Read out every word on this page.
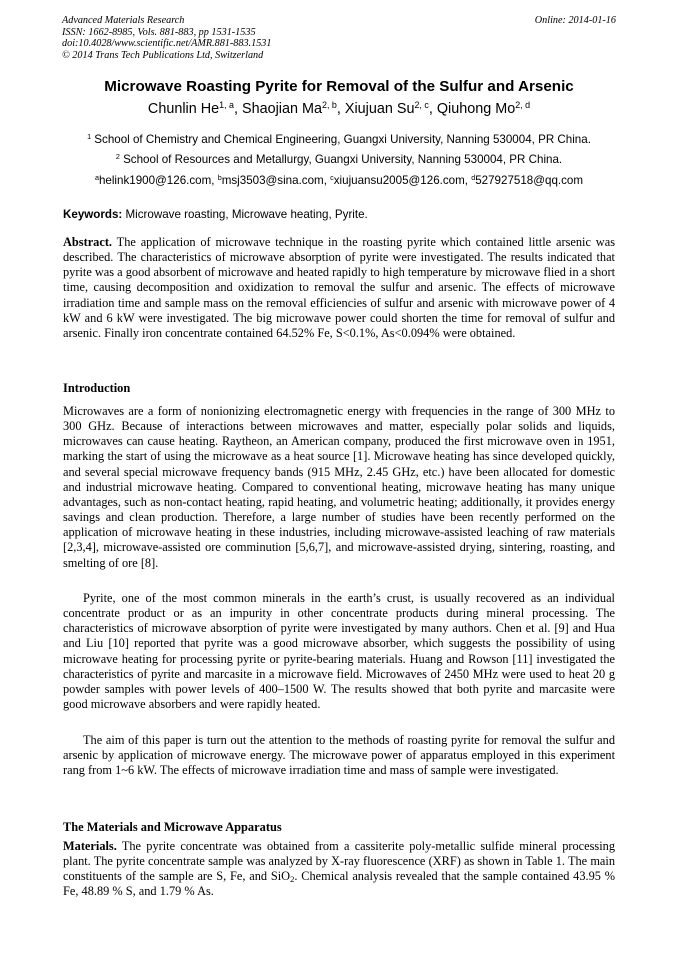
Advanced Materials Research
ISSN: 1662-8985, Vols. 881-883, pp 1531-1535
doi:10.4028/www.scientific.net/AMR.881-883.1531
© 2014 Trans Tech Publications Ltd, Switzerland
Online: 2014-01-16
Microwave Roasting Pyrite for Removal of the Sulfur and Arsenic
Chunlin He$^{1, a}$, Shaojian Ma$^{2, b}$, Xiujuan Su$^{2, c}$, Qiuhong Mo$^{2, d}$
$^1$ School of Chemistry and Chemical Engineering, Guangxi University, Nanning 530004, PR China.
$^2$ School of Resources and Metallurgy, Guangxi University, Nanning 530004, PR China.
$^a$helink1900@126.com, $^b$msj3503@sina.com, $^c$xiujuansu2005@126.com, $^d$527927518@qq.com
Keywords: Microwave roasting, Microwave heating, Pyrite.
Abstract. The application of microwave technique in the roasting pyrite which contained little arsenic was described. The characteristics of microwave absorption of pyrite were investigated. The results indicated that pyrite was a good absorbent of microwave and heated rapidly to high temperature by microwave flied in a short time, causing decomposition and oxidization to removal the sulfur and arsenic. The effects of microwave irradiation time and sample mass on the removal efficiencies of sulfur and arsenic with microwave power of 4 kW and 6 kW were investigated. The big microwave power could shorten the time for removal of sulfur and arsenic. Finally iron concentrate contained 64.52% Fe, S<0.1%, As<0.094% were obtained.
Introduction
Microwaves are a form of nonionizing electromagnetic energy with frequencies in the range of 300 MHz to 300 GHz. Because of interactions between microwaves and matter, especially polar solids and liquids, microwaves can cause heating. Raytheon, an American company, produced the first microwave oven in 1951, marking the start of using the microwave as a heat source [1]. Microwave heating has since developed quickly, and several special microwave frequency bands (915 MHz, 2.45 GHz, etc.) have been allocated for domestic and industrial microwave heating. Compared to conventional heating, microwave heating has many unique advantages, such as non-contact heating, rapid heating, and volumetric heating; additionally, it provides energy savings and clean production. Therefore, a large number of studies have been recently performed on the application of microwave heating in these industries, including microwave-assisted leaching of raw materials [2,3,4], microwave-assisted ore comminution [5,6,7], and microwave-assisted drying, sintering, roasting, and smelting of ore [8].
Pyrite, one of the most common minerals in the earth’s crust, is usually recovered as an individual concentrate product or as an impurity in other concentrate products during mineral processing. The characteristics of microwave absorption of pyrite were investigated by many authors. Chen et al. [9] and Hua and Liu [10] reported that pyrite was a good microwave absorber, which suggests the possibility of using microwave heating for processing pyrite or pyrite-bearing materials. Huang and Rowson [11] investigated the characteristics of pyrite and marcasite in a microwave field. Microwaves of 2450 MHz were used to heat 20 g powder samples with power levels of 400–1500 W. The results showed that both pyrite and marcasite were good microwave absorbers and were rapidly heated.
The aim of this paper is turn out the attention to the methods of roasting pyrite for removal the sulfur and arsenic by application of microwave energy. The microwave power of apparatus employed in this experiment rang from 1~6 kW. The effects of microwave irradiation time and mass of sample were investigated.
The Materials and Microwave Apparatus
Materials. The pyrite concentrate was obtained from a cassiterite poly-metallic sulfide mineral processing plant. The pyrite concentrate sample was analyzed by X-ray fluorescence (XRF) as shown in Table 1. The main constituents of the sample are S, Fe, and SiO$_2$. Chemical analysis revealed that the sample contained 43.95 % Fe, 48.89 % S, and 1.79 % As.
